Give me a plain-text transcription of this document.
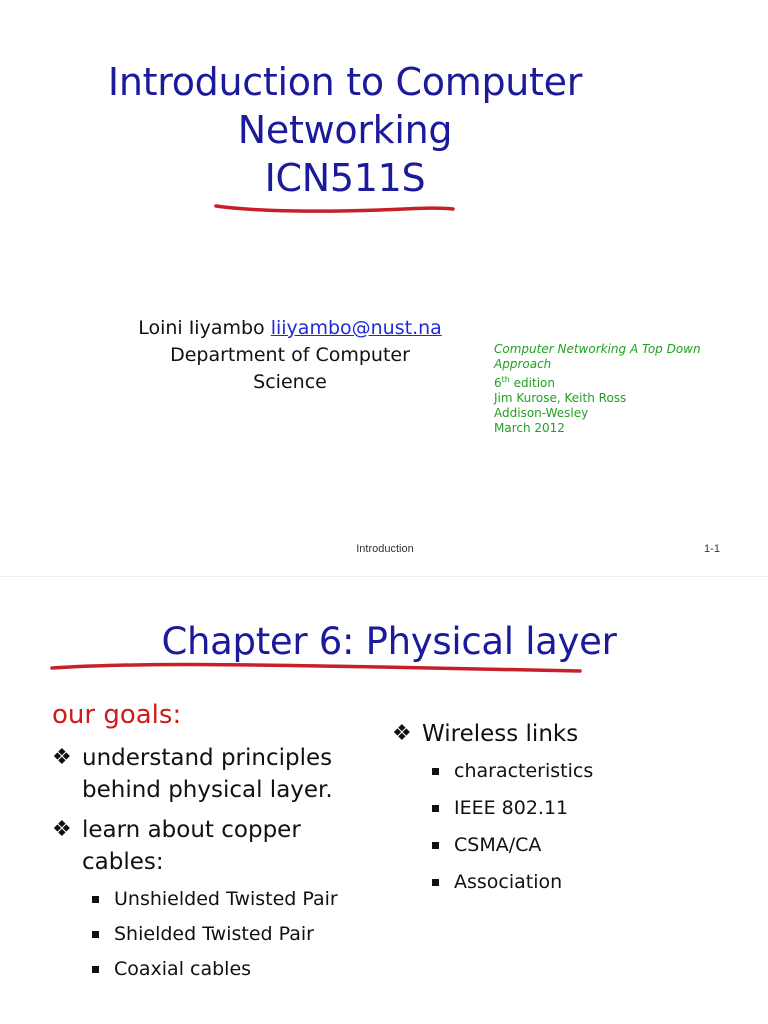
Introduction to Computer
Networking
ICN511S
Loini Iiyambo liiyambo@nust.na
Department of Computer
Science
Computer Networking A Top Down
Approach
6th edition
Jim Kurose, Keith Ross
Addison-Wesley
March 2012
Introduction	1-1
Chapter 6: Physical layer
our goals:
❖ understand principles behind physical layer.
❖ learn about copper cables:
Unshielded Twisted Pair
Shielded Twisted Pair
Coaxial cables
❖ Wireless links
characteristics
IEEE 802.11
CSMA/CA
Association
